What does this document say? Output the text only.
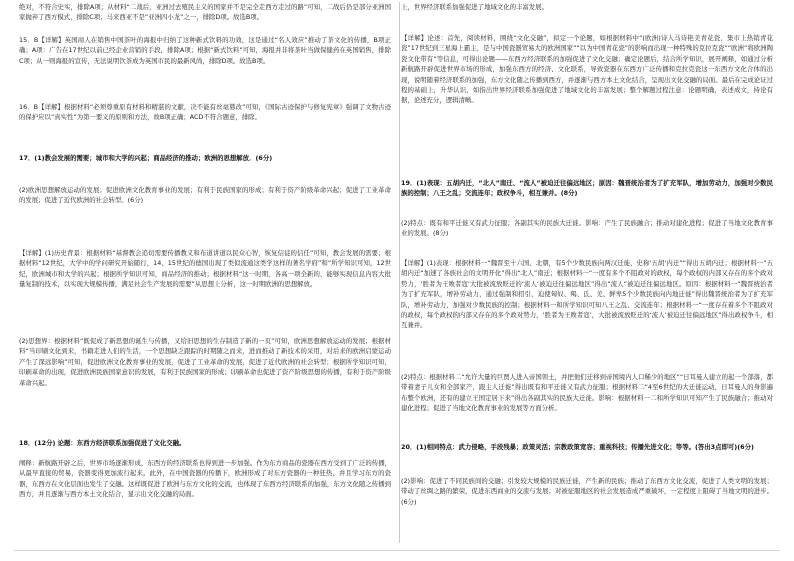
绝对，不符合史实，排除A项；从材料“二战后，亚洲过去殖民主义的国家并不是完全走西方走过的路”可知，二战后仍是部分亚洲国家抛弃了西方模式，排除C项；马来西亚不是“亚洲四小龙”之一，排除D项。故选B项。

15．B【详解】英国商人在销售中国茶叶的海报中归纳了这种新式饮料的功效，这是通过“名人效应”推动了茶文化的传播，B项正确；A项：广告在17世纪以前已经企业营销的手段，排除A项；根据“新式饮料”可知，海报并非将茶叶当做保健药在英国销售，排除C项；从一则海报的宣传，无法说明饮茶成为英国市民的最新风尚，排除D项。故选B项。

16．B【详解】根据材料“必须尊重原有材料和精湛的文献，决不能有丝毫篡改”可知，《国际古迹保护与修复宪章》强调了文物古迹的保护应以“真实性”为第一要义的原则和方法，故B项正确；ACD不符合题意，排除。

17．(1)教会发展的需要；城市和大学的兴起；商品经济的推动；欧洲的思想解放．(6分)

(2)欧洲思想解放运动的发展；促进欧洲文化教育事业的发展；有利于民族国家的形成；有利于资产阶级革命兴起；促进了工业革命的发展；促进了近代欧洲的社会转型。(6分)

【详解】(1)历史背景：根据材料“基督教会追切需要传播教义和布道讲道以民众心智，恢复信徒的信任”可知，教会发展的需要；根据材料“12世纪，大学中的学问研究开始随行，14、15世纪的德国出现了类似流通这类学这样的著名学府”和“所学知识可知，12世纪，欧洲城市和大学的兴起；根据所学知识可知，商品经济的推动；根据材料“这一时期，各高一项全新的、能够实现信息内容大批量复制的技术，以实现大规模传播，满足社会生产发展的需要”从思想上分析，这一时期欧洲的思想解放。

(2)思想界：根据材料“既促成了新思想的诞生与传播，又给旧思想的生存制造了新的一页”可知，欧洲思想解放运动的发展；根据材料“当印刷文化到来，书籍走进人们的生活，一个思想缺乏跟踪的时期随之而来，进而推动了新技术的采用，对后来的欧洲启蒙运动产生了深远影响”可知，促进欧洲文化教育事业的发展，促进了工业革命的发展，促进了近代欧洲的社会转型；根据所学知识可知，印刷革命的出现，促进欧洲民族国家意识的发展，有利于民族国家的形成；印刷革命也促进了资产阶级思想的传播，有利于资产阶级革命兴起。

18．(12分) 论题：东西方经济联系加强促进了文化交融。

阐释：新航路开辟之后，世界市场逐渐形成，东西方的经济联系也得到进一步加强。作为东方商品的瓷器在西方受到了广泛的传播，从最早直接的贸易，瓷器变得更加流行起来。此外，在中国瓷器的传播下，欧洲形成了对东方瓷器的一种狂热，并且学习东方的瓷器，东西方在文化层面也发生了交融。这样既促进了欧洲与东方文化的交流，也体现了东西方经济联系的加强，东方文化随之传播到西方，并且逐渐与西方本土文化结合，显示出文化交融的局面。

上，世界经济联系加强促进了地域文化的丰富发展。

【详解】论述：首先，阅读材料，围绕“文化交融”，拟定一个论题，如根据材料中“(欧洲)诗人马诗艳美青花瓷，集市上热销青花瓷”17世纪到三星海上霸主，是与中国瓷器贸易大的欧洲国家”“以为中国青花瓷”的影响而出现一种特殊的克拉克瓷”“欧洲”将欧洲陶瓷文化带有”等信息，可得出论题——东西方经济联系的加强促进了文化交融；确定论题后，结合所学知识，展开阐释，如通过分析新航路开辟促进世界市场的形成，加强东西方的经济、文化联系，导致瓷器在东西方广泛传播和克拉克瓷这一东西方文化合体的出现，说明随着经济联系的加强，东方文化随之传播到西方，并逐渐与西方本土文化结合，呈现出文化交融的局面。最后在完成论证过程的基础上，升华认识，如指出世界经济联系加强促进了地域文化的丰富发展；整个解题过程注意：论题明确，表述成文，持论有据，论述充分，逻辑清晰。

19．(1)表现：五胡内迁，“北人”南迁、“流人”被迫迁往偏远地区；原因：魏晋统治者为了扩充军队，增加劳动力，加强对少数民族的控制；八王之乱；交流连年；政权争斗，相互兼并。(8分)

(2)特点：既有和平迁徙又有武力征服；各副其实的民族大迁徙。影响：产生了民族融合；推动对建化进程；促进了当地文化教育事业的发展。(8分)

【详解】(1)表现：根据材料一“魏晋至十六国、北朝，有5个少数民族向两汉迁徙，史称‘五胡’内迁”“得出五胡内迁；根据材料一”五胡内迁“加速了各族社会的文明开化”得出“北人”南迁；根据材料一“一度有多个不阻政对的政权，每个政权的内部又存在的多个政对势力，‘胜者为王败者寇’大批被流放贬迁的‘流人’被迫迁往偏远地区”得出“流人”被迫迁往偏远地区。原因：根据材料一“魏晋统治者为了扩充军队，增补劳动力，通过强制和招引，迫使匈奴、羯、氐、羌、鲜卑5个少数民族向内地迁徙”得出魏晋统治者为了扩充军队，增补劳动力，加强对少数民族的控制；根据材料一和所学知识可知八王之乱、交流连年；根据材料一“一度存在着多个不阻政对的政权，每个政权的内部又存在的多个政对势力，‘胜者为王败者寇’，大批被流放贬迁的‘流人’被迫迁往偏远地区”得出政权争斗，相互兼并。

(2)特点：根据材料二“允许大量的巨贾人进入帝国领土，并把他们迁移到帝国境内人口稀少的地区”“日耳曼人建立的起一个部落，都带着妻子儿女和全部家产，跟主人迁徙”得出既有和平迁徙又有武力征服；根据材料二“4至6世纪的大迁徙运动，日耳曼人的身影遍布整个欧洲，还有的建立王国定居下来”得出各副其实的民族大迁徙。影响：根据材料一二和所学知识可知产生了民族融合；推动对建化进程；促进了当地文化教育事业的发展等方面分析。

20．(1)相同特点：武力侵略，手段残暴；政策灵活；宗教政策宽容；重视科技；传播先进文化；等等。(答出3点即可)(6分)

(2)影响：促进了不同民族间的交融；引发较大规模的民族迁徙，产生新的民族；推动了东西方文化交流，促进了人类文明的发展；带动了丝绸之路的繁荣，促进东西商业的交流与发展；对被征服地区的社会发展造成严重破坏，一定程度上阻碍了当地文明的进步。(6分)
